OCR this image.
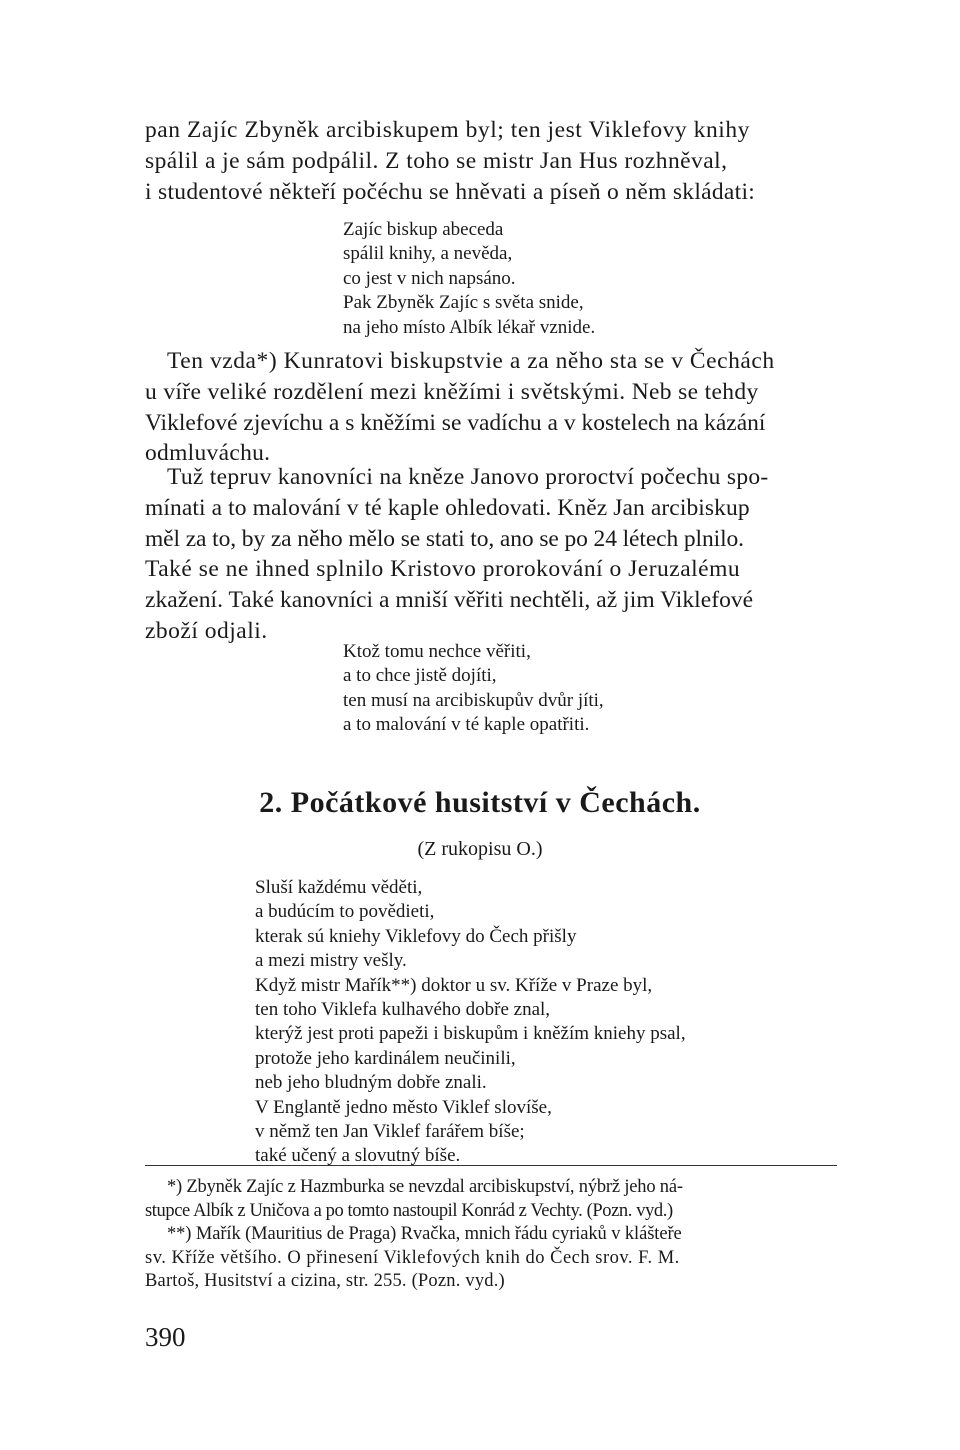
pan Zajíc Zbyněk arcibiskupem byl; ten jest Viklefovy knihy
spálil a je sám podpálil. Z toho se mistr Jan Hus rozhněval,
i studentové někteří počéchu se hněvati a píseň o něm skládati:
Zajíc biskup abeceda
spálil knihy, a nevěda,
co jest v nich napsáno.
Pak Zbyněk Zajíc s světa snide,
na jeho místo Albík lékař vznide.
Ten vzda*) Kunratovi biskupstvie a za něho sta se v Čechách
u víře veliké rozdělení mezi kněžími i světskými. Neb se tehdy
Viklefové zjevíchu a s kněžími se vadíchu a v kostelech na kázání
odmluváchu.
Tuž tepruv kanovníci na kněze Janovo proroctví počechu spo-
mínati a to malování v té kaple ohledovati. Kněz Jan arcibiskup
měl za to, by za něho mělo se stati to, ano se po 24 létech plnilo.
Také se ne ihned splnilo Kristovo prorokování o Jeruzalému
zkažení. Také kanovníci a mniší věřiti nechtěli, až jim Viklefové
zboží odjali.
Ktož tomu nechce věřiti,
a to chce jistě dojíti,
ten musí na arcibiskupův dvůr jíti,
a to malování v té kaple opatřiti.
2. Počátkové husitství v Čechách.
(Z rukopisu O.)
Sluší každému věděti,
a budúcím to povědieti,
kterak sú kniehy Viklefovy do Čech přišly
a mezi mistry vešly.
Když mistr Mařík**) doktor u sv. Kříže v Praze byl,
ten toho Viklefa kulhavého dobře znal,
kterýž jest proti papeži i biskupům i kněžím kniehy psal,
protože jeho kardinálem neučinili,
neb jeho bludným dobře znali.
V Englantě jedno město Viklef slovíše,
v němž ten Jan Viklef farářem bíše;
také učený a slovutný bíše.
*) Zbyněk Zajíc z Hazmburka se nevzdal arcibiskupství, nýbrž jeho ná-
stupce Albík z Uničova a po tomto nastoupil Konrád z Vechty. (Pozn. vyd.)
**) Mařík (Mauritius de Praga) Rvačka, mnich řádu cyriaků v klášteře
sv. Kříže většího. O přinesení Viklefových knih do Čech srov. F. M.
Bartoš, Husitství a cizina, str. 255. (Pozn. vyd.)
390
